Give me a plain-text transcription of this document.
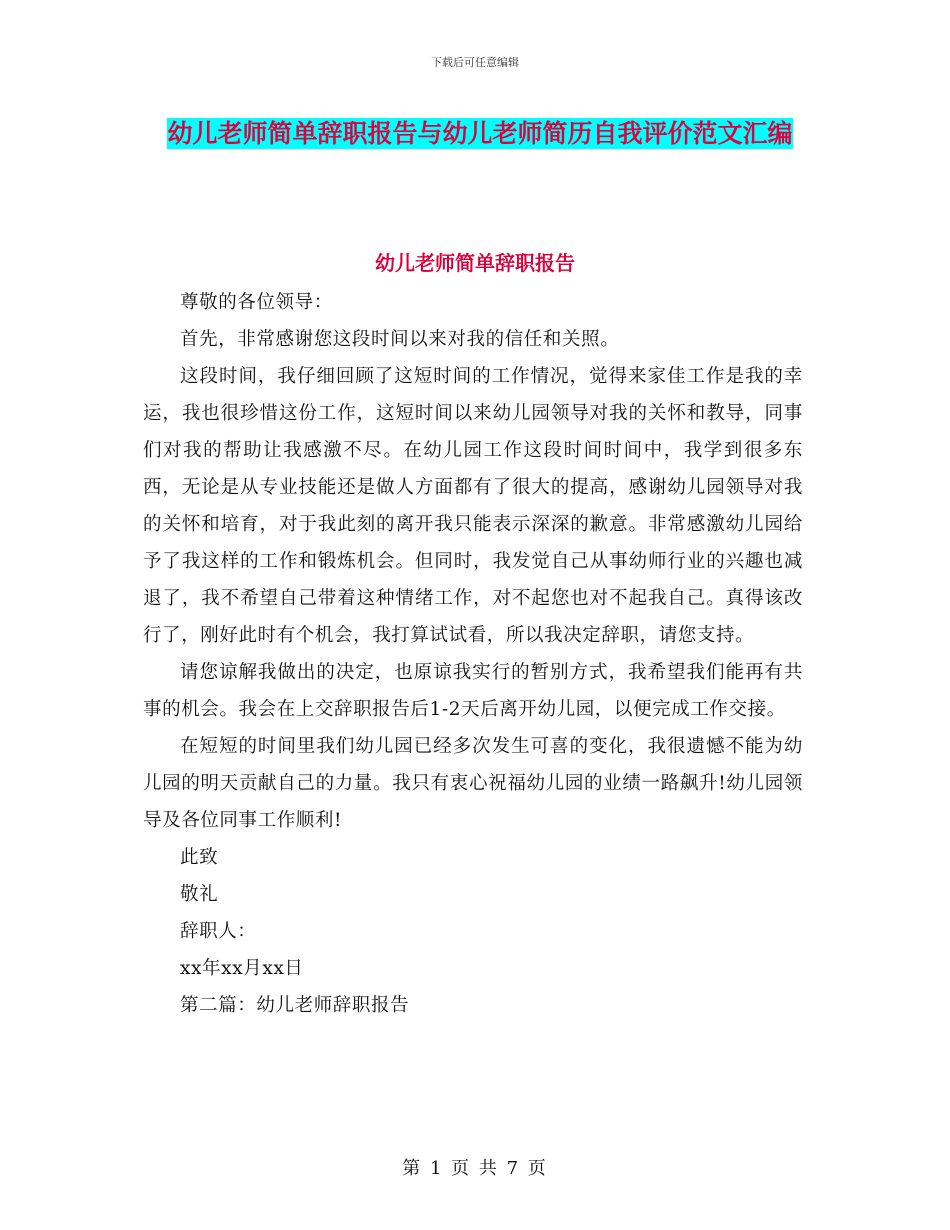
下载后可任意编辑
幼儿老师简单辞职报告与幼儿老师简历自我评价范文汇编
幼儿老师简单辞职报告

尊敬的各位领导：

首先，非常感谢您这段时间以来对我的信任和关照。

这段时间，我仔细回顾了这短时间的工作情况，觉得来家佳工作是我的幸运，我也很珍惜这份工作，这短时间以来幼儿园领导对我的关怀和教导，同事们对我的帮助让我感激不尽。在幼儿园工作这段时间时间中，我学到很多东西，无论是从专业技能还是做人方面都有了很大的提高，感谢幼儿园领导对我的关怀和培育，对于我此刻的离开我只能表示深深的歉意。非常感激幼儿园给予了我这样的工作和锻炼机会。但同时，我发觉自己从事幼师行业的兴趣也减退了，我不希望自己带着这种情绪工作，对不起您也对不起我自己。真得该改行了，刚好此时有个机会，我打算试试看，所以我决定辞职，请您支持。

请您谅解我做出的决定，也原谅我实行的暂别方式，我希望我们能再有共事的机会。我会在上交辞职报告后1-2天后离开幼儿园，以便完成工作交接。

在短短的时间里我们幼儿园已经多次发生可喜的变化，我很遗憾不能为幼儿园的明天贡献自己的力量。我只有衷心祝福幼儿园的业绩一路飙升!幼儿园领导及各位同事工作顺利!

此致

敬礼

辞职人：

xx年xx月xx日

第二篇：幼儿老师辞职报告

第 1 页 共 7 页
